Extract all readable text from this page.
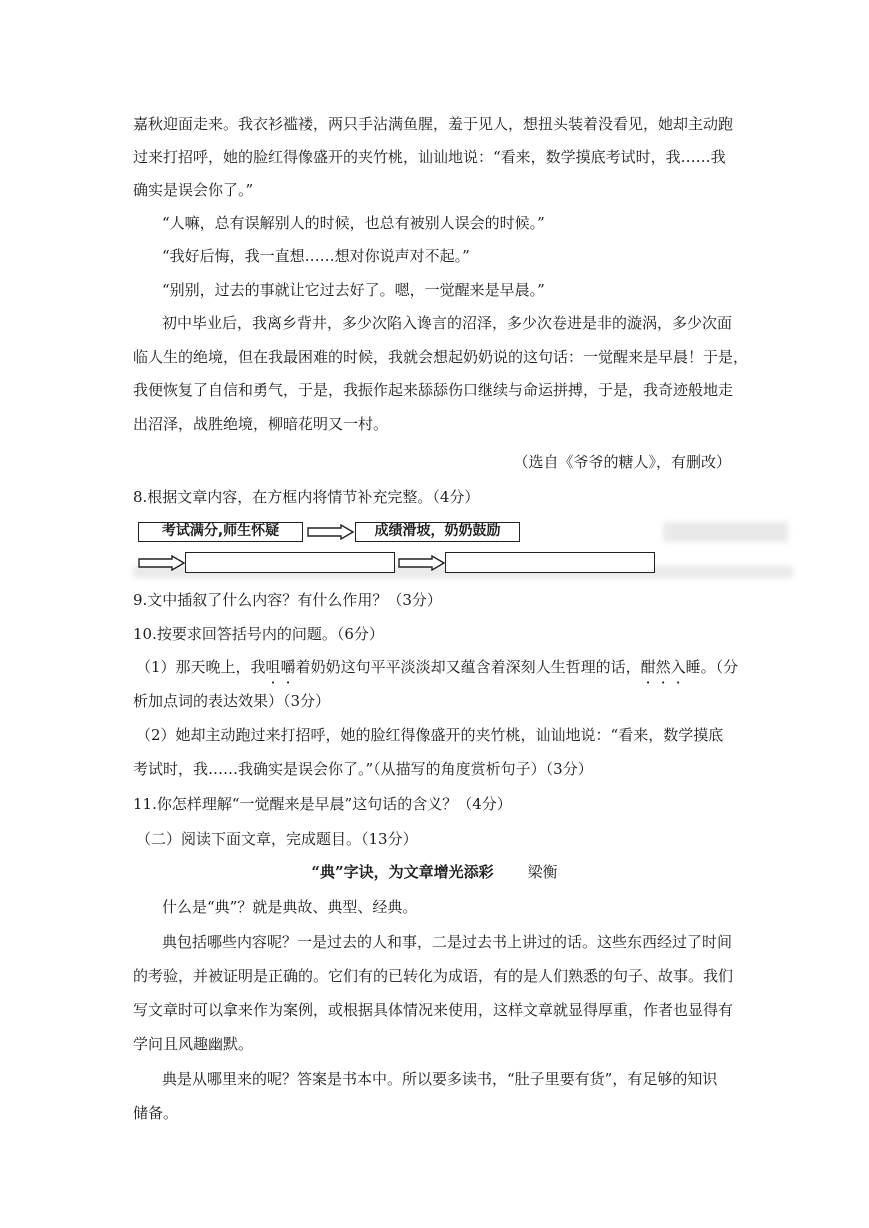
嘉秋迎面走来。我衣衫褴褛，两只手沾满鱼腥，羞于见人，想扭头装着没看见，她却主动跑
过来打招呼，她的脸红得像盛开的夹竹桃，讪讪地说：“看来，数学摸底考试时，我……我
确实是误会你了。”
“人嘛，总有误解别人的时候，也总有被别人误会的时候。”
“我好后悔，我一直想……想对你说声对不起。”
“别别，过去的事就让它过去好了。嗯，一觉醒来是早晨。”
初中毕业后，我离乡背井，多少次陷入谗言的沼泽，多少次卷进是非的漩涡，多少次面
临人生的绝境，但在我最困难的时候，我就会想起奶奶说的这句话：一觉醒来是早晨！于是，
我便恢复了自信和勇气，于是，我振作起来舔舔伤口继续与命运拼搏，于是，我奇迹般地走
出沼泽，战胜绝境，柳暗花明又一村。
（选自《爷爷的糖人》，有删改）
8.根据文章内容，在方框内将情节补充完整。（4分）
考试满分,师生怀疑	成绩滑坡，奶奶鼓励
9.文中插叙了什么内容？有什么作用？（3分）
10.按要求回答括号内的问题。（6分）
（1）那天晚上，我咀嚼着奶奶这句平平淡淡却又蕴含着深刻人生哲理的话，酣然入睡。（分
析加点词的表达效果）（3分）
（2）她却主动跑过来打招呼，她的脸红得像盛开的夹竹桃，讪讪地说：“看来，数学摸底
考试时，我……我确实是误会你了。”（从描写的角度赏析句子）（3分）
11.你怎样理解“一觉醒来是早晨”这句话的含义？（4分）
（二）阅读下面文章，完成题目。（13分）
“典”字诀，为文章增光添彩 梁衡
什么是“典”？就是典故、典型、经典。
典包括哪些内容呢？一是过去的人和事，二是过去书上讲过的话。这些东西经过了时间
的考验，并被证明是正确的。它们有的已转化为成语，有的是人们熟悉的句子、故事。我们
写文章时可以拿来作为案例，或根据具体情况来使用，这样文章就显得厚重，作者也显得有
学问且风趣幽默。
典是从哪里来的呢？答案是书本中。所以要多读书，“肚子里要有货”，有足够的知识
储备。
